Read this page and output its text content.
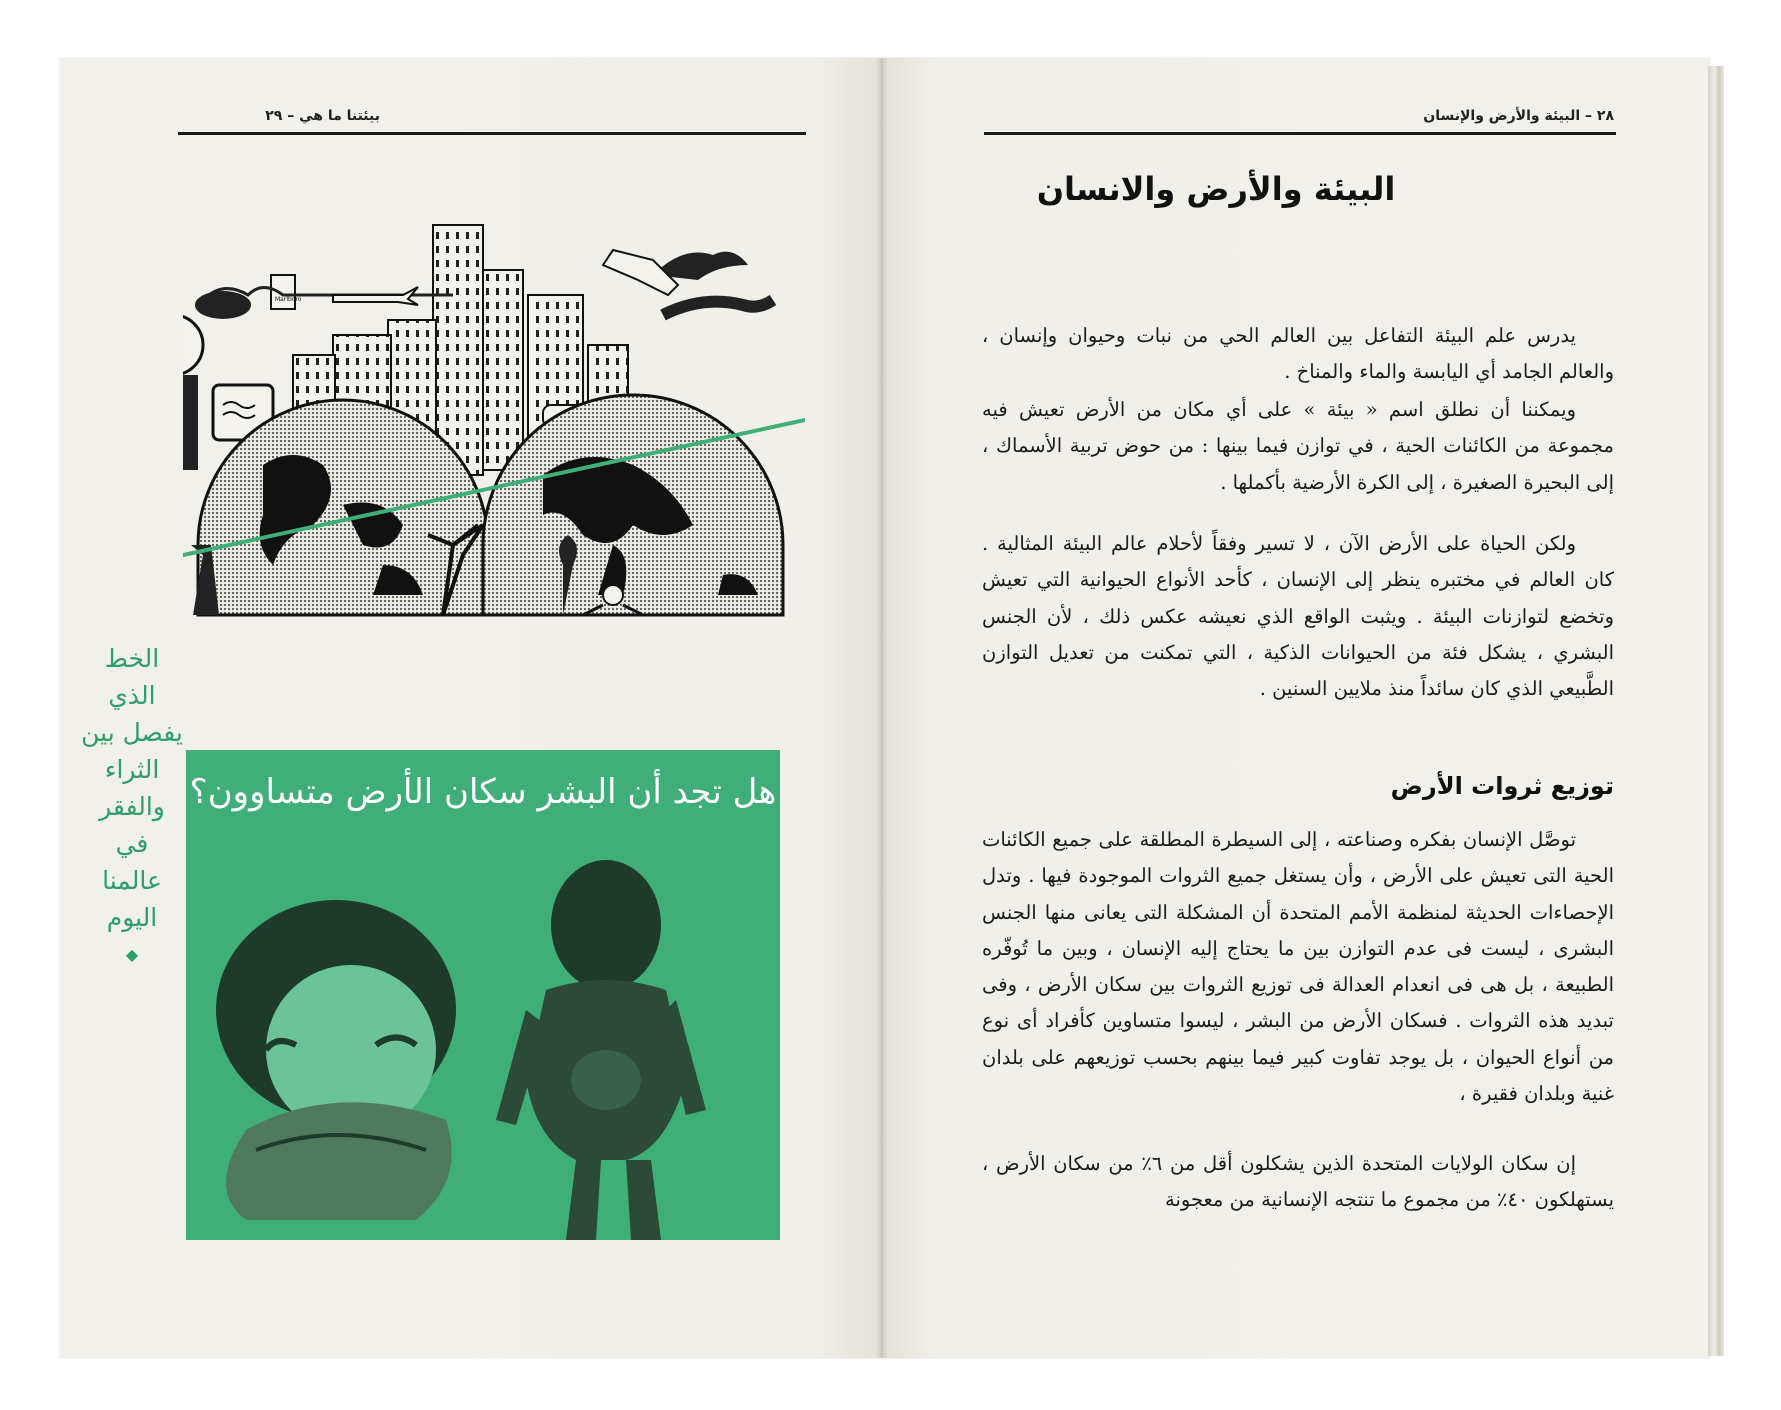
بيئتنا ما هي – ٢٩	٢٨ – البيئة والأرض والإنسان
Marlboro
الخط
الذي
يفصل بين
الثراء
والفقر
في
عالمنا
اليوم
◆
هل تجد أن البشر سكان الأرض متساوون؟
البيئة والأرض والانسان

يدرس علم البيئة التفاعل بين العالم الحي من نبات وحيوان وإنسان ، والعالم الجامد أي اليابسة والماء والمناخ .

ويمكننا أن نطلق اسم « بيئة » على أي مكان من الأرض تعيش فيه مجموعة من الكائنات الحية ، في توازن فيما بينها : من حوض تربية الأسماك ، إلى البحيرة الصغيرة ، إلى الكرة الأرضية بأكملها .

ولكن الحياة على الأرض الآن ، لا تسير وفقاً لأحلام عالم البيئة المثالية . كان العالم في مختبره ينظر إلى الإنسان ، كأحد الأنواع الحيوانية التي تعيش وتخضع لتوازنات البيئة . ويثبت الواقع الذي نعيشه عكس ذلك ، لأن الجنس البشري ، يشكل فئة من الحيوانات الذكية ، التي تمكنت من تعديل التوازن الطَّبيعي الذي كان سائداً منذ ملايين السنين .

توزيع ثروات الأرض

توصَّل الإنسان بفكره وصناعته ، إلى السيطرة المطلقة على جميع الكائنات الحية التى تعيش على الأرض ، وأن يستغل جميع الثروات الموجودة فيها . وتدل الإحصاءات الحديثة لمنظمة الأمم المتحدة أن المشكلة التى يعانى منها الجنس البشرى ، ليست فى عدم التوازن بين ما يحتاج إليه الإنسان ، وبين ما تُوفّره الطبيعة ، بل هى فى انعدام العدالة فى توزيع الثروات بين سكان الأرض ، وفى تبديد هذه الثروات . فسكان الأرض من البشر ، ليسوا متساوين كأفراد أى نوع من أنواع الحيوان ، بل يوجد تفاوت كبير فيما بينهم بحسب توزيعهم على بلدان غنية وبلدان فقيرة ،

إن سكان الولايات المتحدة الذين يشكلون أقل من ٦٪ من سكان الأرض ، يستهلكون ٤٠٪ من مجموع ما تنتجه الإنسانية من معجونة
